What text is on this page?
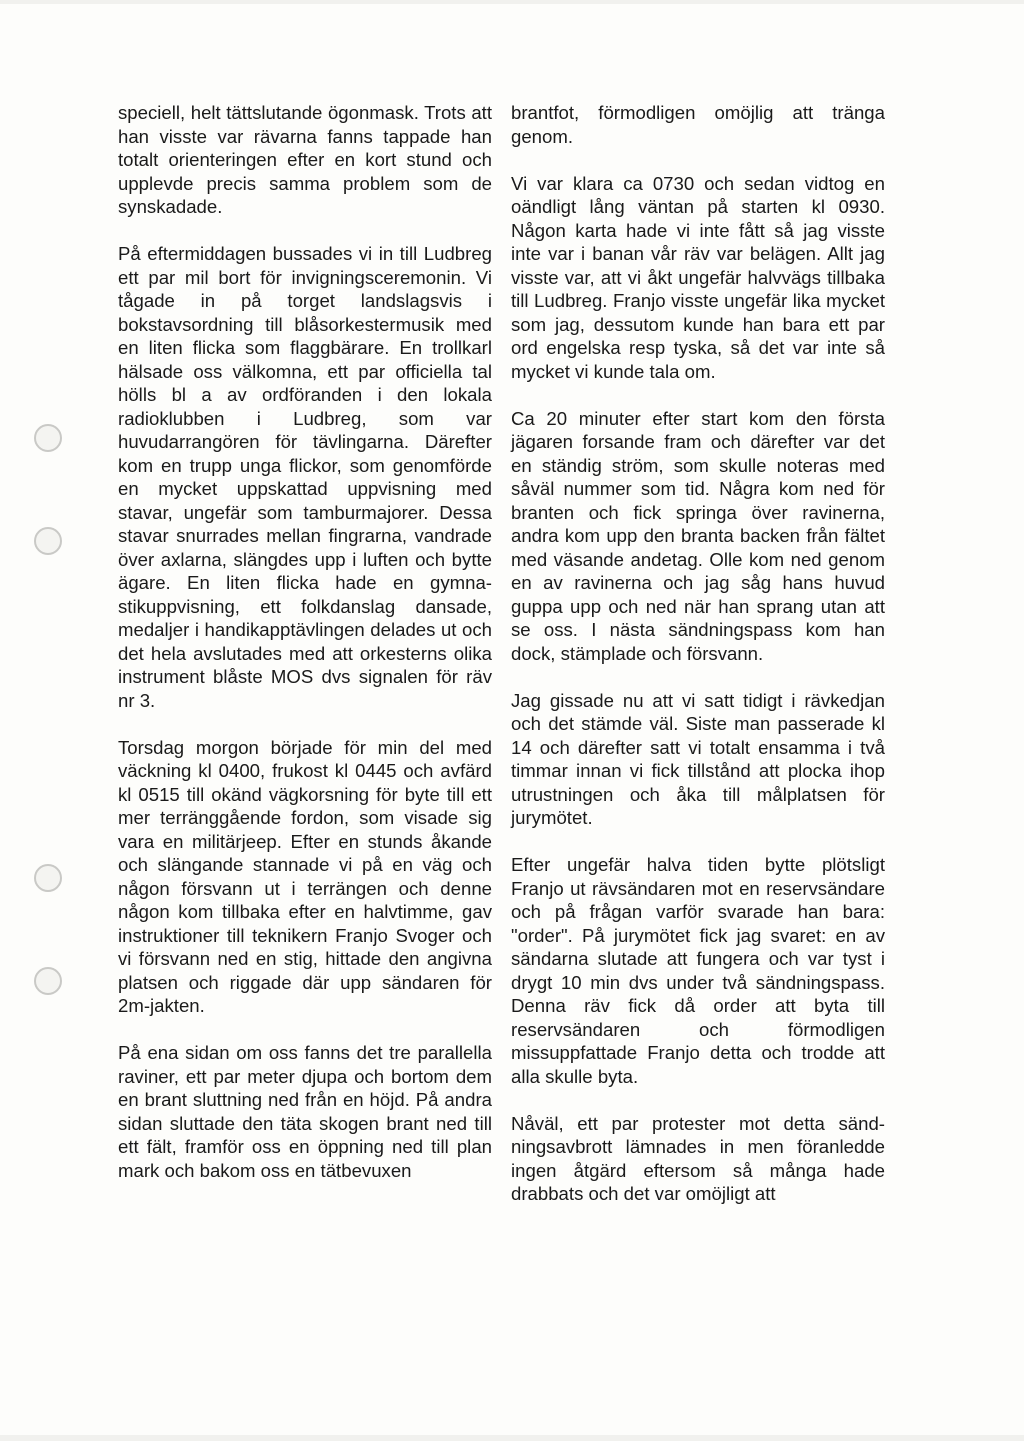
speciell, helt tättslutande ögonmask. Trots att han visste var rävarna fanns tappade han totalt orienteringen efter en kort stund och upplevde precis samma problem som de synskadade.

På eftermiddagen bussades vi in till Ludbreg ett par mil bort för invigningsceremonin. Vi tågade in på torget landslagsvis i bokstavsordning till blåsorkestermusik med en liten flicka som flaggbärare. En trollkarl hälsade oss välkomna, ett par officiella tal hölls bl a av ordföranden i den lokala radioklubben i Ludbreg, som var huvudarrangören för tävlingarna. Därefter kom en trupp unga flickor, som genomförde en mycket uppskattad uppvisning med stavar, ungefär som tamburmajorer. Dessa stavar snurrades mellan fingrarna, vandrade över axlarna, slängdes upp i luften och bytte ägare. En liten flicka hade en gymnastikuppvisning, ett folkdanslag dansade, medaljer i handikapptävlingen delades ut och det hela avslutades med att orkesterns olika instrument blåste MOS dvs signalen för räv nr 3.

Torsdag morgon började för min del med väckning kl 0400, frukost kl 0445 och avfärd kl 0515 till okänd vägkorsning för byte till ett mer terränggående fordon, som visade sig vara en militärjeep. Efter en stunds åkande och slängande stannade vi på en väg och någon försvann ut i terrängen och denne någon kom tillbaka efter en halvtimme, gav instruktioner till teknikern Franjo Svoger och vi försvann ned en stig, hittade den angivna platsen och riggade där upp sändaren för 2m-jakten.

På ena sidan om oss fanns det tre parallella raviner, ett par meter djupa och bortom dem en brant sluttning ned från en höjd. På andra sidan sluttade den täta skogen brant ned till ett fält, framför oss en öppning ned till plan mark och bakom oss en tätbevuxen

brantfot, förmodligen omöjlig att tränga genom.

Vi var klara ca 0730 och sedan vidtog en oändligt lång väntan på starten kl 0930. Någon karta hade vi inte fått så jag visste inte var i banan vår räv var belägen. Allt jag visste var, att vi åkt ungefär halvvägs tillbaka till Ludbreg. Franjo visste ungefär lika mycket som jag, dessutom kunde han bara ett par ord engelska resp tyska, så det var inte så mycket vi kunde tala om.

Ca 20 minuter efter start kom den första jägaren forsande fram och därefter var det en ständig ström, som skulle noteras med såväl nummer som tid. Några kom ned för branten och fick springa över ravinerna, andra kom upp den branta backen från fältet med väsande andetag. Olle kom ned genom en av ravinerna och jag såg hans huvud guppa upp och ned när han sprang utan att se oss. I nästa sändningspass kom han dock, stämplade och försvann.

Jag gissade nu att vi satt tidigt i rävkedjan och det stämde väl. Siste man passerade kl 14 och därefter satt vi totalt ensamma i två timmar innan vi fick tillstånd att plocka ihop utrustningen och åka till målplatsen för jurymötet.

Efter ungefär halva tiden bytte plötsligt Franjo ut rävsändaren mot en reservsändare och på frågan varför svarade han bara: "order". På jurymötet fick jag svaret: en av sändarna slutade att fungera och var tyst i drygt 10 min dvs under två sändningspass. Denna räv fick då order att byta till reservsändaren och förmodligen missuppfattade Franjo detta och trodde att alla skulle byta.

Nåväl, ett par protester mot detta sändningsavbrott lämnades in men föranledde ingen åtgärd eftersom så många hade drabbats och det var omöjligt att
